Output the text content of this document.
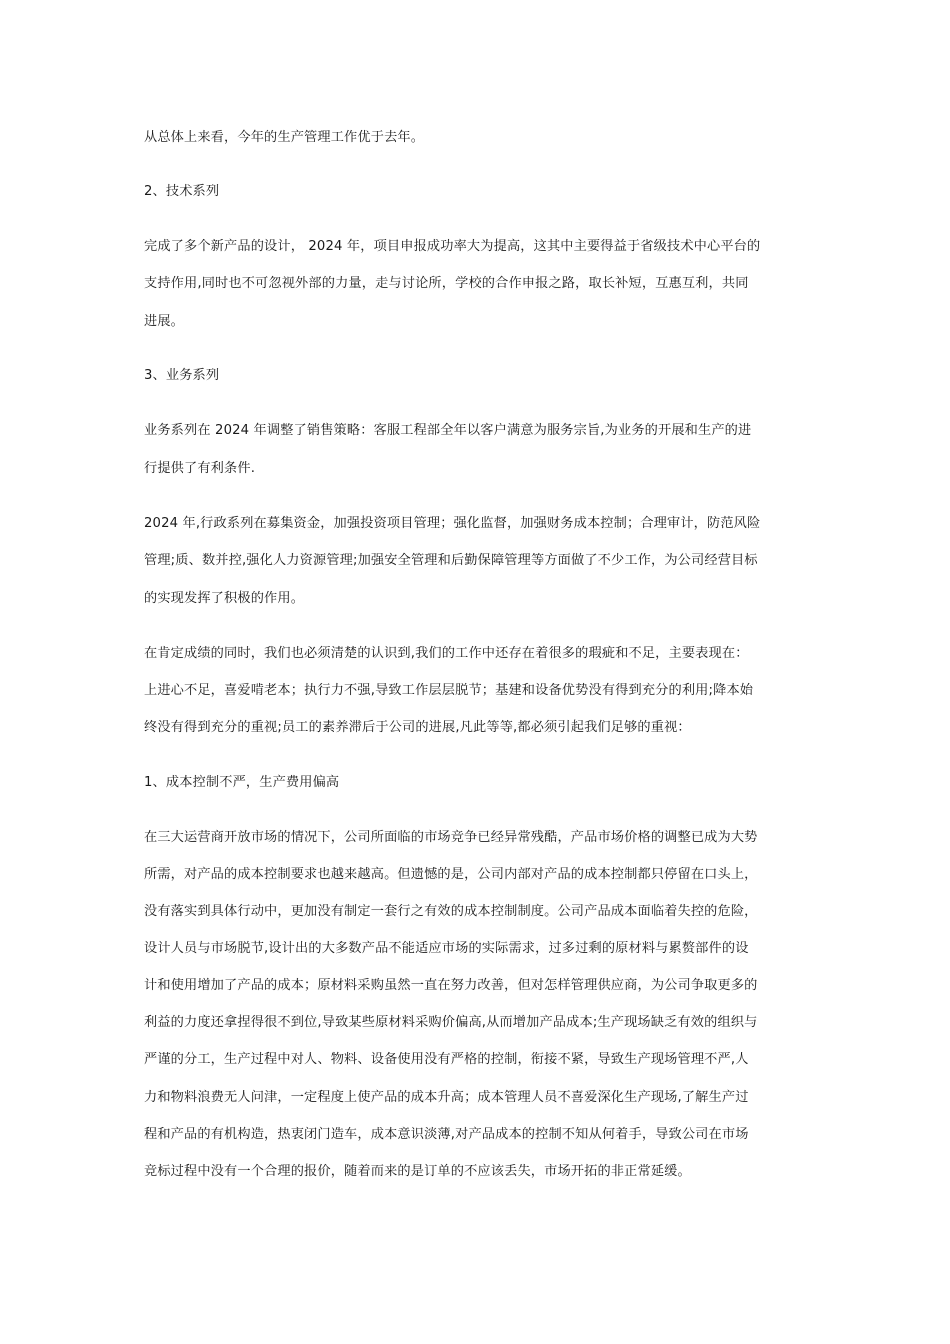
从总体上来看，今年的生产管理工作优于去年。
2、技术系列
完成了多个新产品的设计， 2024 年，项目申报成功率大为提高，这其中主要得益于省级技术中心平台的
支持作用,同时也不可忽视外部的力量，走与讨论所，学校的合作申报之路，取长补短，互惠互利，共同
进展。
3、业务系列
业务系列在 2024 年调整了销售策略：客服工程部全年以客户满意为服务宗旨,为业务的开展和生产的进
行提供了有利条件.
2024 年,行政系列在募集资金，加强投资项目管理；强化监督，加强财务成本控制；合理审计，防范风险
管理;质、数并控,强化人力资源管理;加强安全管理和后勤保障管理等方面做了不少工作，为公司经营目标
的实现发挥了积极的作用。
在肯定成绩的同时，我们也必须清楚的认识到,我们的工作中还存在着很多的瑕疵和不足，主要表现在：
上进心不足，喜爱啃老本；执行力不强,导致工作层层脱节；基建和设备优势没有得到充分的利用;降本始
终没有得到充分的重视;员工的素养滞后于公司的进展,凡此等等,都必须引起我们足够的重视：
1、成本控制不严，生产费用偏高
在三大运营商开放市场的情况下，公司所面临的市场竞争已经异常残酷，产品市场价格的调整已成为大势
所需，对产品的成本控制要求也越来越高。但遗憾的是，公司内部对产品的成本控制都只停留在口头上，
没有落实到具体行动中，更加没有制定一套行之有效的成本控制制度。公司产品成本面临着失控的危险，
设计人员与市场脱节,设计出的大多数产品不能适应市场的实际需求，过多过剩的原材料与累赘部件的设
计和使用增加了产品的成本；原材料采购虽然一直在努力改善，但对怎样管理供应商，为公司争取更多的
利益的力度还拿捏得很不到位,导致某些原材料采购价偏高,从而增加产品成本;生产现场缺乏有效的组织与
严谨的分工，生产过程中对人、物料、设备使用没有严格的控制，衔接不紧，导致生产现场管理不严,人
力和物料浪费无人问津，一定程度上使产品的成本升高；成本管理人员不喜爱深化生产现场,了解生产过
程和产品的有机构造，热衷闭门造车，成本意识淡薄,对产品成本的控制不知从何着手，导致公司在市场
竞标过程中没有一个合理的报价，随着而来的是订单的不应该丢失，市场开拓的非正常延缓。
